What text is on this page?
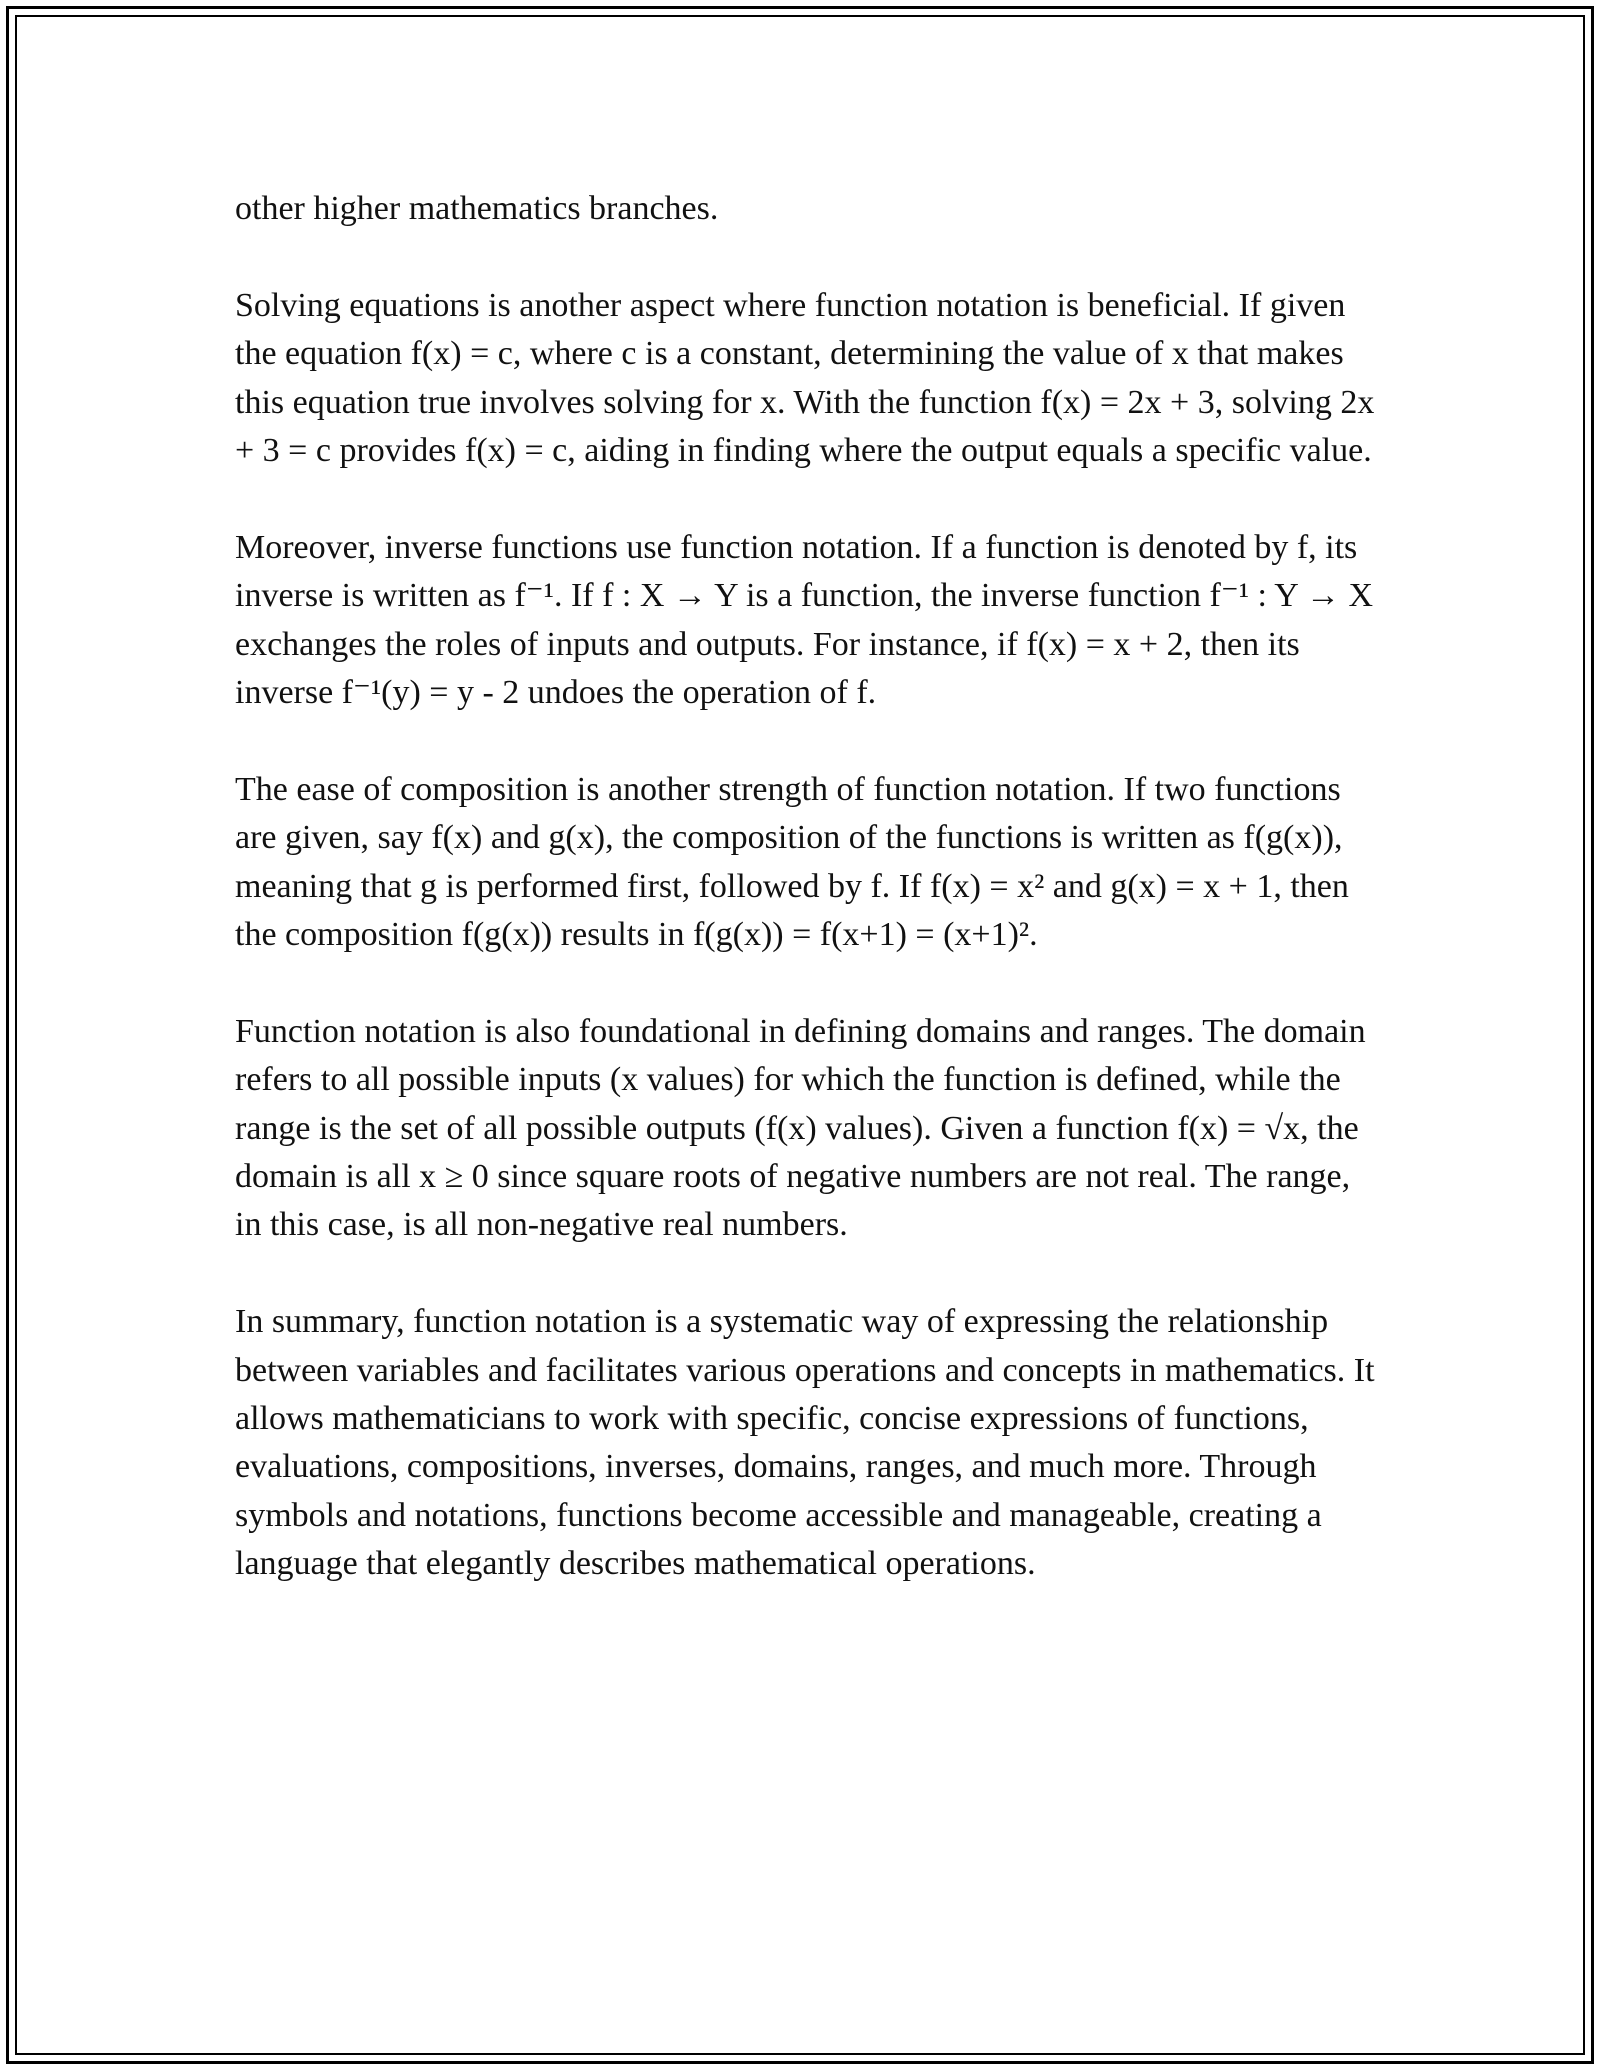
other higher mathematics branches.

Solving equations is another aspect where function notation is beneficial. If given the equation f(x) = c, where c is a constant, determining the value of x that makes this equation true involves solving for x. With the function f(x) = 2x + 3, solving 2x + 3 = c provides f(x) = c, aiding in finding where the output equals a specific value.

Moreover, inverse functions use function notation. If a function is denoted by f, its inverse is written as f⁻¹. If f : X → Y is a function, the inverse function f⁻¹ : Y → X exchanges the roles of inputs and outputs. For instance, if f(x) = x + 2, then its inverse f⁻¹(y) = y - 2 undoes the operation of f.

The ease of composition is another strength of function notation. If two functions are given, say f(x) and g(x), the composition of the functions is written as f(g(x)), meaning that g is performed first, followed by f. If f(x) = x² and g(x) = x + 1, then the composition f(g(x)) results in f(g(x)) = f(x+1) = (x+1)².

Function notation is also foundational in defining domains and ranges. The domain refers to all possible inputs (x values) for which the function is defined, while the range is the set of all possible outputs (f(x) values). Given a function f(x) = √x, the domain is all x ≥ 0 since square roots of negative numbers are not real. The range, in this case, is all non-negative real numbers.

In summary, function notation is a systematic way of expressing the relationship between variables and facilitates various operations and concepts in mathematics. It allows mathematicians to work with specific, concise expressions of functions, evaluations, compositions, inverses, domains, ranges, and much more. Through symbols and notations, functions become accessible and manageable, creating a language that elegantly describes mathematical operations.
